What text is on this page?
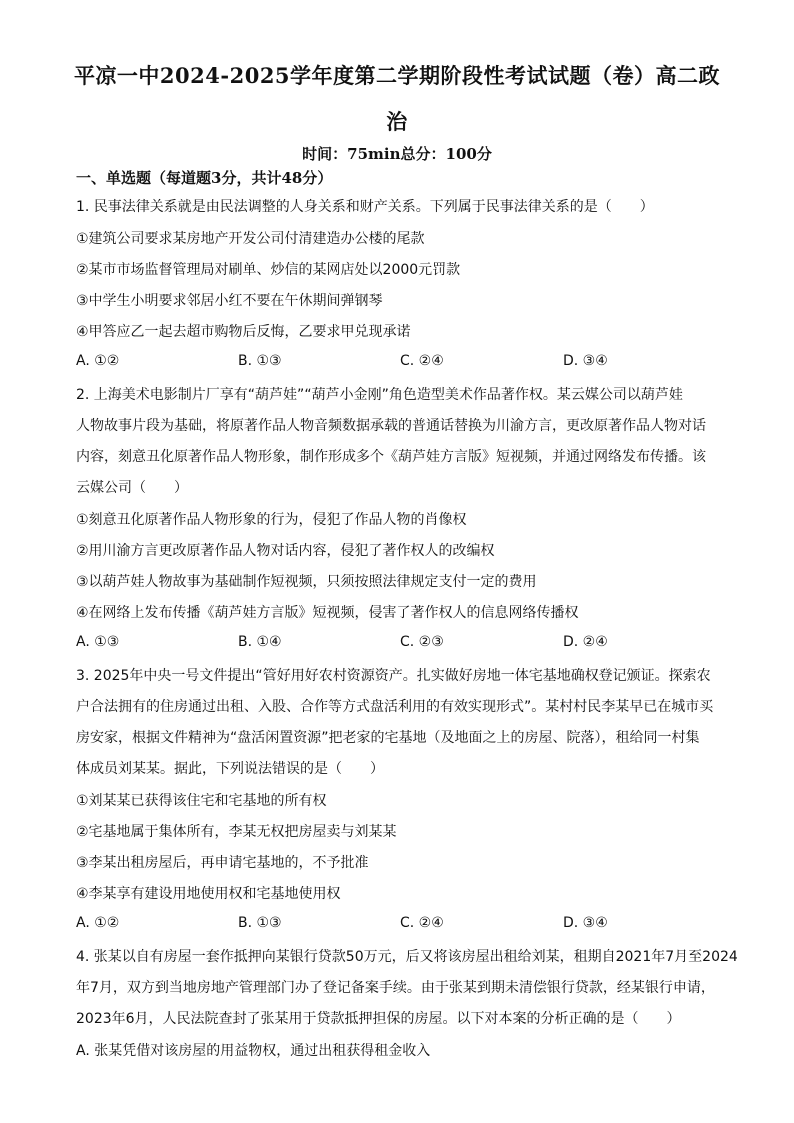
平凉一中2024-2025学年度第二学期阶段性考试试题（卷）高二政
治
时间：75min总分：100分
一、单选题（每道题3分，共计48分）
1. 民事法律关系就是由民法调整的人身关系和财产关系。下列属于民事法律关系的是（　　）
①建筑公司要求某房地产开发公司付清建造办公楼的尾款
②某市市场监督管理局对刷单、炒信的某网店处以2000元罚款
③中学生小明要求邻居小红不要在午休期间弹钢琴
④甲答应乙一起去超市购物后反悔，乙要求甲兑现承诺
A. ①②	B. ①③	C. ②④	D. ③④
2. 上海美术电影制片厂享有“葫芦娃”“葫芦小金刚”角色造型美术作品著作权。某云媒公司以葫芦娃
人物故事片段为基础，将原著作品人物音频数据承载的普通话替换为川渝方言，更改原著作品人物对话
内容，刻意丑化原著作品人物形象，制作形成多个《葫芦娃方言版》短视频，并通过网络发布传播。该
云媒公司（　　）
①刻意丑化原著作品人物形象的行为，侵犯了作品人物的肖像权
②用川渝方言更改原著作品人物对话内容，侵犯了著作权人的改编权
③以葫芦娃人物故事为基础制作短视频，只须按照法律规定支付一定的费用
④在网络上发布传播《葫芦娃方言版》短视频，侵害了著作权人的信息网络传播权
A. ①③	B. ①④	C. ②③	D. ②④
3. 2025年中央一号文件提出“管好用好农村资源资产。扎实做好房地一体宅基地确权登记颁证。探索农
户合法拥有的住房通过出租、入股、合作等方式盘活利用的有效实现形式”。某村村民李某早已在城市买
房安家，根据文件精神为“盘活闲置资源”把老家的宅基地（及地面之上的房屋、院落），租给同一村集
体成员刘某某。据此，下列说法错误的是（　　）
①刘某某已获得该住宅和宅基地的所有权
②宅基地属于集体所有，李某无权把房屋卖与刘某某
③李某出租房屋后，再申请宅基地的，不予批准
④李某享有建设用地使用权和宅基地使用权
A. ①②	B. ①③	C. ②④	D. ③④
4. 张某以自有房屋一套作抵押向某银行贷款50万元，后又将该房屋出租给刘某，租期自2021年7月至2024
年7月，双方到当地房地产管理部门办了登记备案手续。由于张某到期未清偿银行贷款，经某银行申请，
2023年6月，人民法院查封了张某用于贷款抵押担保的房屋。以下对本案的分析正确的是（　　）
A. 张某凭借对该房屋的用益物权，通过出租获得租金收入
